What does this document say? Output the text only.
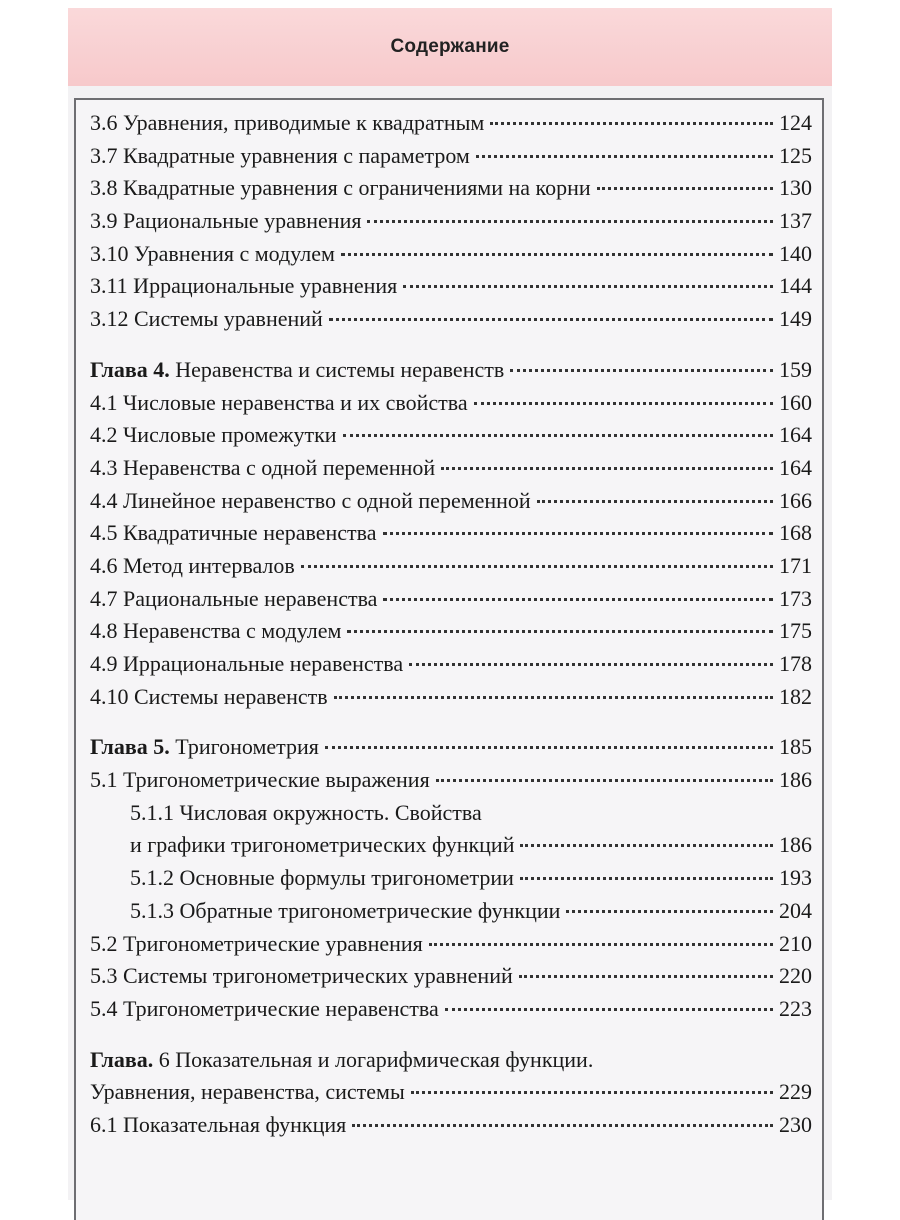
Содержание
3.6 Уравнения, приводимые к квадратным	124
3.7 Квадратные уравнения с параметром	125
3.8 Квадратные уравнения с ограничениями на корни	130
3.9 Рациональные уравнения	137
3.10 Уравнения с модулем	140
3.11 Иррациональные уравнения	144
3.12 Системы уравнений	149
Глава 4. Неравенства и системы неравенств	159
4.1 Числовые неравенства и их свойства	160
4.2 Числовые промежутки	164
4.3 Неравенства с одной переменной	164
4.4 Линейное неравенство с одной переменной	166
4.5 Квадратичные неравенства	168
4.6 Метод интервалов	171
4.7 Рациональные неравенства	173
4.8 Неравенства с модулем	175
4.9 Иррациональные неравенства	178
4.10 Системы неравенств	182
Глава 5. Тригонометрия	185
5.1 Тригонометрические выражения	186
5.1.1 Числовая окружность. Свойства
и графики тригонометрических функций	186
5.1.2 Основные формулы тригонометрии	193
5.1.3 Обратные тригонометрические функции	204
5.2 Тригонометрические уравнения	210
5.3 Системы тригонометрических уравнений	220
5.4 Тригонометрические неравенства	223
Глава. 6 Показательная и логарифмическая функции.
Уравнения, неравенства, системы	229
6.1 Показательная функция	230
